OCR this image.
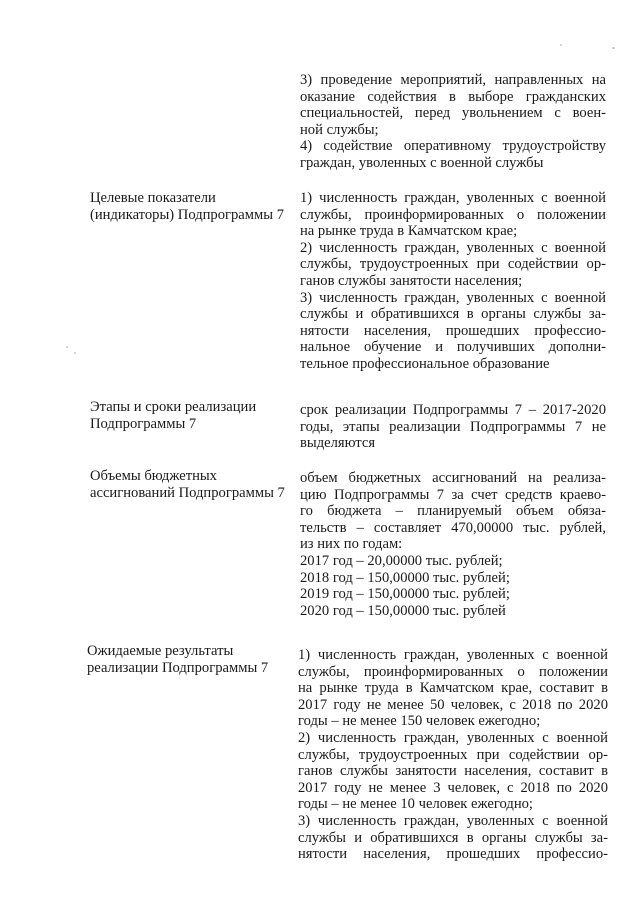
3) проведение мероприятий, направленных на
оказание содействия в выборе гражданских
специальностей, перед увольнением с воен-
ной службы;
4) содействие оперативному трудоустройству
граждан, уволенных с военной службы
Целевые показатели
(индикаторы) Подпрограммы 7
1) численность граждан, уволенных с военной
службы, проинформированных о положении
на рынке труда в Камчатском крае;
2) численность граждан, уволенных с военной
службы, трудоустроенных при содействии ор-
ганов службы занятости населения;
3) численность граждан, уволенных с военной
службы и обратившихся в органы службы за-
нятости населения, прошедших профессио-
нальное обучение и получивших дополни-
тельное профессиональное образование
Этапы и сроки реализации
Подпрограммы 7
срок реализации Подпрограммы 7 – 2017-2020
годы, этапы реализации Подпрограммы 7 не
выделяются
Объемы бюджетных
ассигнований Подпрограммы 7
объем бюджетных ассигнований на реализа-
цию Подпрограммы 7 за счет средств краево-
го бюджета – планируемый объем обяза-
тельств – составляет 470,00000 тыс. рублей,
из них по годам:
2017 год – 20,00000 тыс. рублей;
2018 год – 150,00000 тыс. рублей;
2019 год – 150,00000 тыс. рублей;
2020 год – 150,00000 тыс. рублей
Ожидаемые результаты
реализации Подпрограммы 7
1) численность граждан, уволенных с военной
службы, проинформированных о положении
на рынке труда в Камчатском крае, составит в
2017 году не менее 50 человек, с 2018 по 2020
годы – не менее 150 человек ежегодно;
2) численность граждан, уволенных с военной
службы, трудоустроенных при содействии ор-
ганов службы занятости населения, составит в
2017 году не менее 3 человек, с 2018 по 2020
годы – не менее 10 человек ежегодно;
3) численность граждан, уволенных с военной
службы и обратившихся в органы службы за-
нятости населения, прошедших профессио-
